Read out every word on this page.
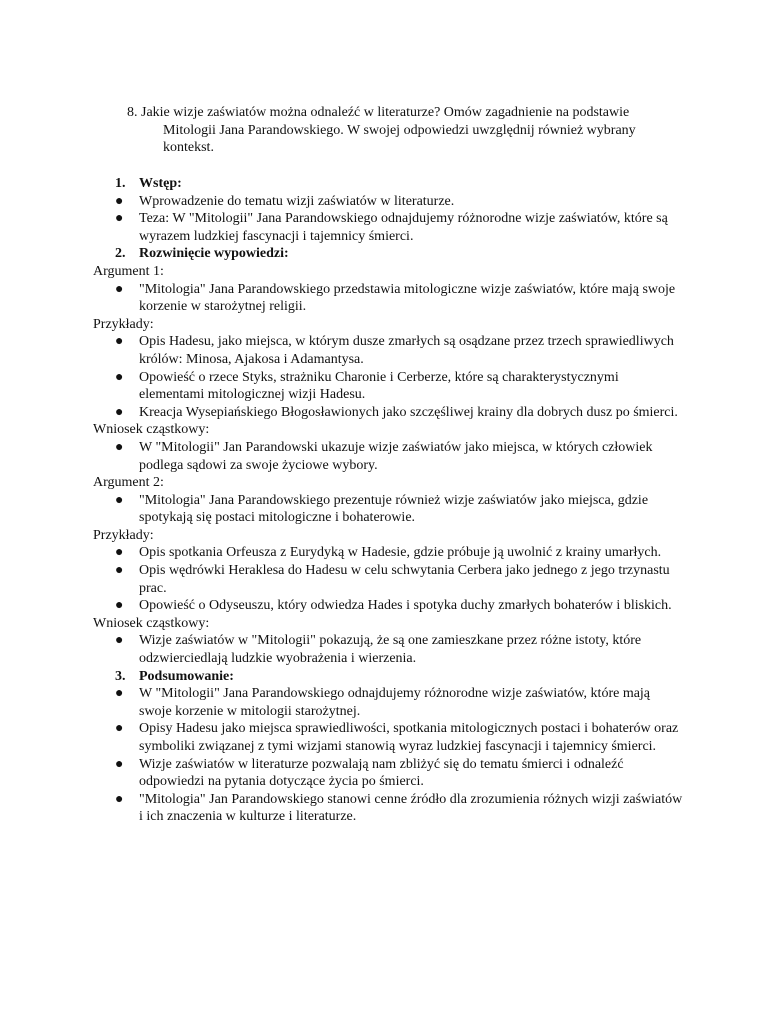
8. Jakie wizje zaświatów można odnaleźć w literaturze? Omów zagadnienie na podstawie
Mitologii Jana Parandowskiego. W swojej odpowiedzi uwzględnij również wybrany
kontekst.

1. Wstęp:

● Wprowadzenie do tematu wizji zaświatów w literaturze.
● Teza: W "Mitologii" Jana Parandowskiego odnajdujemy różnorodne wizje zaświatów, które są wyrazem ludzkiej fascynacji i tajemnicy śmierci.

2. Rozwinięcie wypowiedzi:

Argument 1:

● "Mitologia" Jana Parandowskiego przedstawia mitologiczne wizje zaświatów, które mają swoje korzenie w starożytnej religii.

Przykłady:

● Opis Hadesu, jako miejsca, w którym dusze zmarłych są osądzane przez trzech sprawiedliwych królów: Minosa, Ajakosa i Adamantysa.
● Opowieść o rzece Styks, strażniku Charonie i Cerberze, które są charakterystycznymi elementami mitologicznej wizji Hadesu.
● Kreacja Wysepiańskiego Błogosławionych jako szczęśliwej krainy dla dobrych dusz po śmierci.

Wniosek cząstkowy:

● W "Mitologii" Jan Parandowski ukazuje wizje zaświatów jako miejsca, w których człowiek podlega sądowi za swoje życiowe wybory.

Argument 2:

● "Mitologia" Jana Parandowskiego prezentuje również wizje zaświatów jako miejsca, gdzie spotykają się postaci mitologiczne i bohaterowie.

Przykłady:

● Opis spotkania Orfeusza z Eurydyką w Hadesie, gdzie próbuje ją uwolnić z krainy umarłych.
● Opis wędrówki Heraklesa do Hadesu w celu schwytania Cerbera jako jednego z jego trzynastu prac.
● Opowieść o Odyseuszu, który odwiedza Hades i spotyka duchy zmarłych bohaterów i bliskich.

Wniosek cząstkowy:

● Wizje zaświatów w "Mitologii" pokazują, że są one zamieszkane przez różne istoty, które odzwierciedlają ludzkie wyobrażenia i wierzenia.

3. Podsumowanie:

● W "Mitologii" Jana Parandowskiego odnajdujemy różnorodne wizje zaświatów, które mają swoje korzenie w mitologii starożytnej.
● Opisy Hadesu jako miejsca sprawiedliwości, spotkania mitologicznych postaci i bohaterów oraz symboliki związanej z tymi wizjami stanowią wyraz ludzkiej fascynacji i tajemnicy śmierci.
● Wizje zaświatów w literaturze pozwalają nam zbliżyć się do tematu śmierci i odnaleźć odpowiedzi na pytania dotyczące życia po śmierci.
● "Mitologia" Jan Parandowskiego stanowi cenne źródło dla zrozumienia różnych wizji zaświatów i ich znaczenia w kulturze i literaturze.
